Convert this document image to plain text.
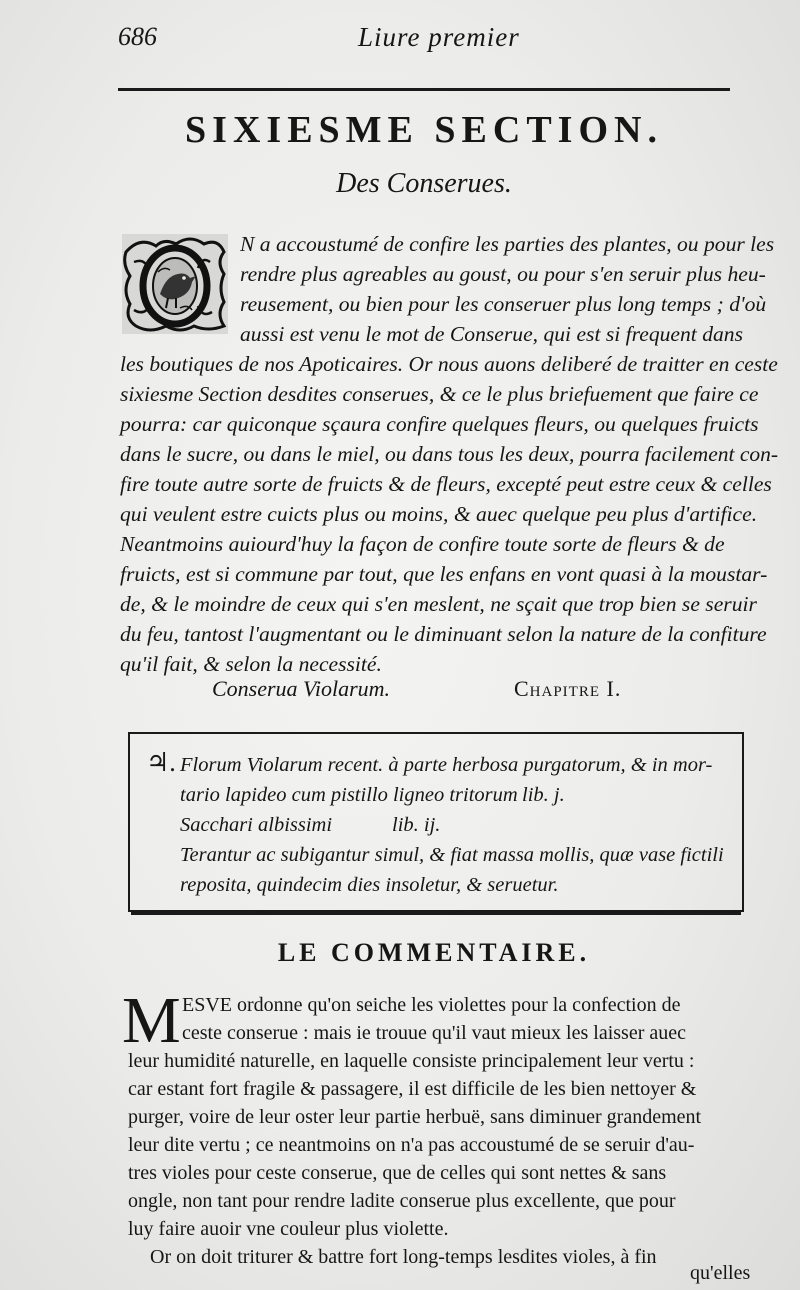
686	Liure premier
SIXIESME SECTION.
Des Conserues.
N a accoustumé de confire les parties des plantes, ou pour les
rendre plus agreables au goust, ou pour s'en seruir plus heu-
reusement, ou bien pour les conseruer plus long temps ; d'où
aussi est venu le mot de Conserue, qui est si frequent dans
les boutiques de nos Apoticaires. Or nous auons deliberé de traitter en ceste
sixiesme Section desdites conserues, & ce le plus briefuement que faire ce
pourra: car quiconque sçaura confire quelques fleurs, ou quelques fruicts
dans le sucre, ou dans le miel, ou dans tous les deux, pourra facilement con-
fire toute autre sorte de fruicts & de fleurs, excepté peut estre ceux & celles
qui veulent estre cuicts plus ou moins, & auec quelque peu plus d'artifice.
Neantmoins auiourd'huy la façon de confire toute sorte de fleurs & de
fruicts, est si commune par tout, que les enfans en vont quasi à la moustar-
de, & le moindre de ceux qui s'en meslent, ne sçait que trop bien se seruir
du feu, tantost l'augmentant ou le diminuant selon la nature de la confiture
qu'il fait, & selon la necessité.
Conserua Violarum.	Chapitre I.
♃. Florum Violarum recent. à parte herbosa purgatorum, & in mor-
tario lapideo cum pistillo ligneo tritorum lib. j.
Sacchari albissimi	lib. ij.
Terantur ac subigantur simul, & fiat massa mollis, quæ vase fictili
reposita, quindecim dies insoletur, & seruetur.
LE COMMENTAIRE.
M ESVE ordonne qu'on seiche les violettes pour la confection de
ceste conserue : mais ie trouue qu'il vaut mieux les laisser auec
leur humidité naturelle, en laquelle consiste principalement leur vertu :
car estant fort fragile & passagere, il est difficile de les bien nettoyer &
purger, voire de leur oster leur partie herbuë, sans diminuer grandement
leur dite vertu ; ce neantmoins on n'a pas accoustumé de se seruir d'au-
tres violes pour ceste conserue, que de celles qui sont nettes & sans
ongle, non tant pour rendre ladite conserue plus excellente, que pour
luy faire auoir vne couleur plus violette.
Or on doit triturer & battre fort long-temps lesdites violes, à fin
qu'elles
